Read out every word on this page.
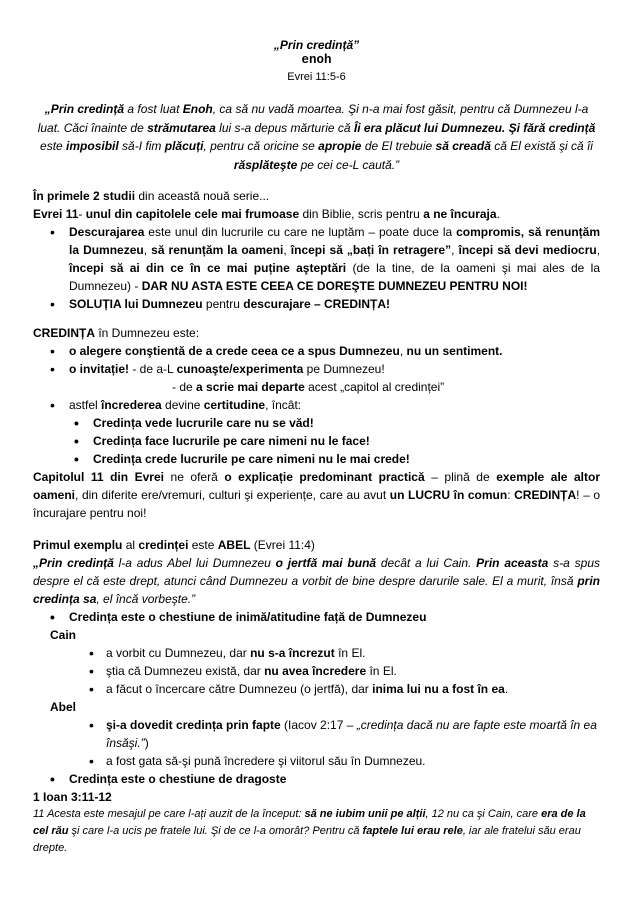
„Prin credință”
enoh
Evrei 11:5-6
„Prin credință a fost luat Enoh, ca să nu vadă moartea. Şi n-a mai fost găsit, pentru că Dumnezeu l-a luat. Căci înainte de strămutarea lui s-a depus mărturie că Îi era plăcut lui Dumnezeu. Şi fără credință este imposibil să-I fim plăcuți, pentru că oricine se apropie de El trebuie să creadă că El există şi că îi răsplăteşte pe cei ce-L caută.”

În primele 2 studii din această nouă serie...

Evrei 11- unul din capitolele cele mai frumoase din Biblie, scris pentru a ne încuraja.

• Descurajarea este unul din lucrurile cu care ne luptăm – poate duce la compromis, să renunțăm la Dumnezeu, să renunțăm la oameni, începi să „bați în retragere”, începi să devi mediocru, începi să ai din ce în ce mai puține aşteptări (de la tine, de la oameni şi mai ales de la Dumnezeu) - DAR NU ASTA ESTE CEEA CE DOREŞTE DUMNEZEU PENTRU NOI!
• SOLUȚIA lui Dumnezeu pentru descurajare – CREDINȚA!

CREDINȚA în Dumnezeu este:

• o alegere conştientă de a crede ceea ce a spus Dumnezeu, nu un sentiment.
• o invitație! - de a-L cunoaşte/experimenta pe Dumnezeu!

- de a scrie mai departe acest „capitol al credinței”

• astfel încrederea devine certitudine, încât:
• Credința vede lucrurile care nu se văd!
• Credința face lucrurile pe care nimeni nu le face!
• Credința crede lucrurile pe care nimeni nu le mai crede!

Capitolul 11 din Evrei ne oferă o explicație predominant practică – plină de exemple ale altor oameni, din diferite ere/vremuri, culturi şi experiențe, care au avut un LUCRU în comun: CREDINȚA! – o încurajare pentru noi!

Primul exemplu al credinței este ABEL (Evrei 11:4)

„Prin credință l-a adus Abel lui Dumnezeu o jertfă mai bună decât a lui Cain. Prin aceasta s-a spus despre el că este drept, atunci când Dumnezeu a vorbit de bine despre darurile sale. El a murit, însă prin credința sa, el încă vorbeşte.”

• Credința este o chestiune de inimă/atitudine față de Dumnezeu

Cain

• a vorbit cu Dumnezeu, dar nu s-a încrezut în El.
• ştia că Dumnezeu există, dar nu avea încredere în El.
• a făcut o încercare către Dumnezeu (o jertfă), dar inima lui nu a fost în ea.

Abel

• şi-a dovedit credința prin fapte (Iacov 2:17 – „credința dacă nu are fapte este moartă în ea însăşi.”)
• a fost gata să-şi pună încredere şi viitorul său în Dumnezeu.
• Credința este o chestiune de dragoste

1 Ioan 3:11-12

11 Acesta este mesajul pe care l-ați auzit de la început: să ne iubim unii pe alții, 12 nu ca şi Cain, care era de la cel rău şi care l-a ucis pe fratele lui. Şi de ce l-a omorât? Pentru că faptele lui erau rele, iar ale fratelui său erau drepte.
